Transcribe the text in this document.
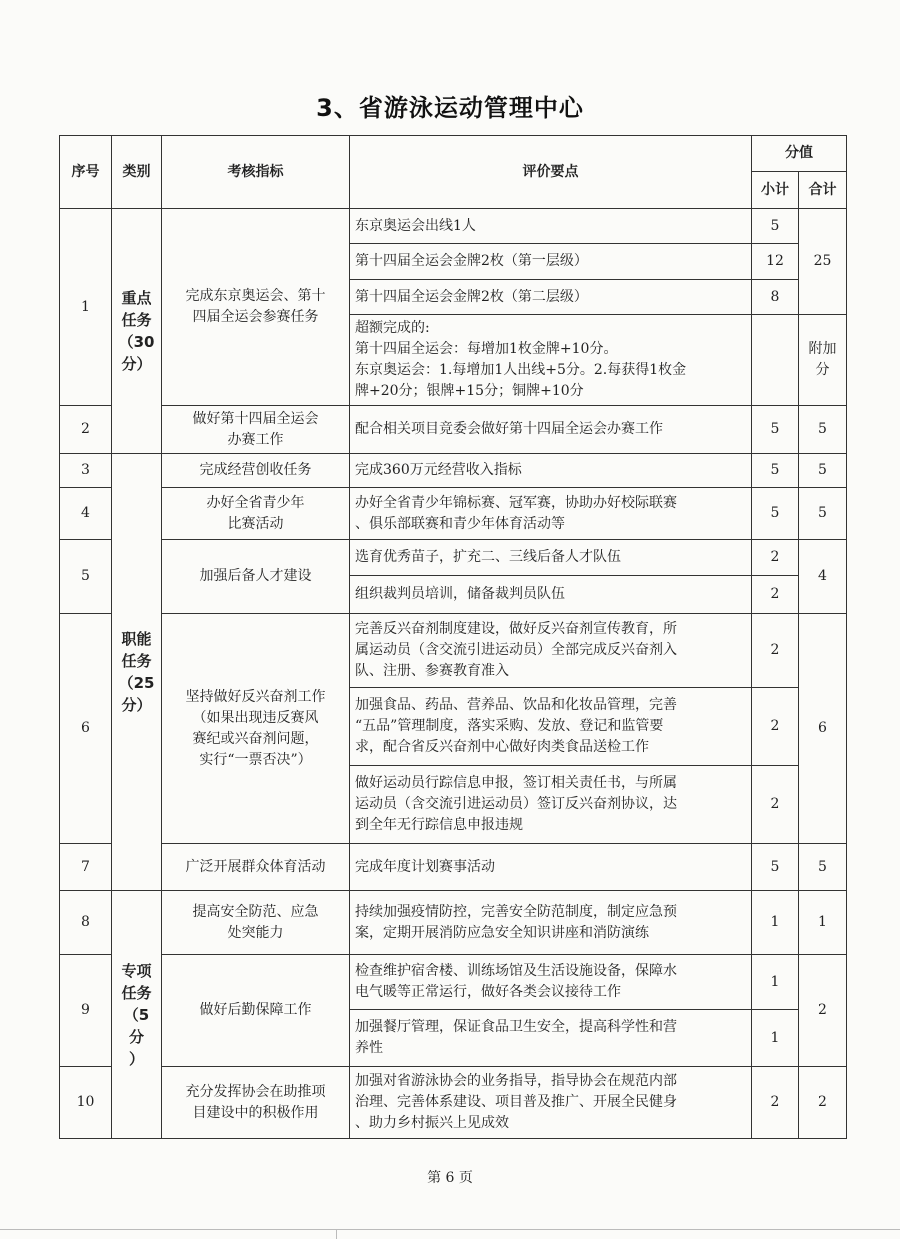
3、省游泳运动管理中心
序号	类别	考核指标	评价要点	分值	
				小计	合计
1	重点
任务
（30
分）	完成东京奥运会、第十
四届全运会参赛任务	东京奥运会出线1人	5	25
			第十四届全运会金牌2枚（第一层级）	12	
			第十四届全运会金牌2枚（第二层级）	8	
			超额完成的:
第十四届全运会：每增加1枚金牌+10分。
东京奥运会：1.每增加1人出线+5分。2.每获得1枚金
牌+20分；银牌+15分；铜牌+10分		附加分
2		做好第十四届全运会
办赛工作	配合相关项目竞委会做好第十四届全运会办赛工作	5	5
3	职能
任务
（25
分）	完成经营创收任务	完成360万元经营收入指标	5	5
4		办好全省青少年
比赛活动	办好全省青少年锦标赛、冠军赛，协助办好校际联赛
、俱乐部联赛和青少年体育活动等	5	5
5		加强后备人才建设	选育优秀苗子，扩充二、三线后备人才队伍	2	4
			组织裁判员培训，储备裁判员队伍	2	
6		坚持做好反兴奋剂工作
（如果出现违反赛风
赛纪或兴奋剂问题，
实行“一票否决”）	完善反兴奋剂制度建设，做好反兴奋剂宣传教育，所
属运动员（含交流引进运动员）全部完成反兴奋剂入
队、注册、参赛教育准入	2	6
			加强食品、药品、营养品、饮品和化妆品管理，完善
“五品”管理制度，落实采购、发放、登记和监管要
求，配合省反兴奋剂中心做好肉类食品送检工作	2	
			做好运动员行踪信息申报，签订相关责任书，与所属
运动员（含交流引进运动员）签订反兴奋剂协议，达
到全年无行踪信息申报违规	2	
7		广泛开展群众体育活动	完成年度计划赛事活动	5	5
8	专项
任务
（5分
）	提高安全防范、应急
处突能力	持续加强疫情防控，完善安全防范制度，制定应急预
案，定期开展消防应急安全知识讲座和消防演练	1	1
9		做好后勤保障工作	检查维护宿舍楼、训练场馆及生活设施设备，保障水
电气暖等正常运行，做好各类会议接待工作	1	2
			加强餐厅管理，保证食品卫生安全，提高科学性和营
养性	1	
10		充分发挥协会在助推项
目建设中的积极作用	加强对省游泳协会的业务指导，指导协会在规范内部
治理、完善体系建设、项目普及推广、开展全民健身
、助力乡村振兴上见成效	2	2
第 6 页
